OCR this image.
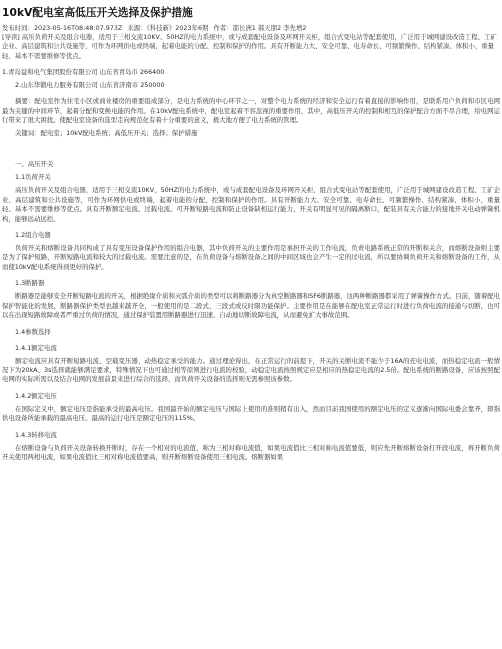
10kV配电室高低压开关选择及保护措施
发布时间：2023-05-16T08:48:07.973Z 来源：《科技新》2023年6期 作者：邵长洲1 郝天朋2 李先增2

[导读] 高压负荷开关及组合电器，适用于三相交流10KV、50HZ的电力系统中，或与成套配电设备及环网开关柜，组合式变电站等配套使用，广泛用于城网建设改造工程、工矿企业、高层建筑和公共设施等，可作为环网供电或终端，起着电能的分配、控制和保护的作用。具有开断能力大、安全可靠、电寿命长、可频繁操作、结构紧凑、体积小、重量轻、基本不需要维修等优点。

1.青岛益和电气集团股份有限公司 山东省青岛市 266400

2.山东华锻电力服务有限公司 山东省济南市 250000

摘要：配电室作为住宅小区或商业楼房的重要组成部分，是电力系统的中心环节之一，对整个电力系统的经济和安全运行有着直接的影响作用，是联系用户负荷和市区电网最为关键的中间环节，起着分配和变换电能的作用。在10kV配电系统中，配电室起着不容忽视的重要作用，其中，高低压开关的控制和相互的保护配合方面不尽合理，给电网运行带来了很大困扰。使配电室设备的选型走向规范化有着十分重要的意义，极大地方便了电力系统的管理。

关键词：配电室；10kV配电系统；高低压开关；选择；保护措施

一、高压开关

1.1负荷开关

高压负荷开关及组合电器，适用于三相交流10KV、50HZ的电力系统中，或与成套配电设备及环网开关柜，组合式变电站等配套使用，广泛用于城网建设改造工程、工矿企业、高层建筑和公共设施等，可作为环网供电或终端，起着电能的分配、控制和保护的作用。具有开断能力大、安全可靠、电寿命长、可频繁操作、结构紧凑、体积小、重量轻、基本不需要维修等优点。具有开断额定电流、过载电流。可开断短路电流和防止设备缺相运行能力，开关有明显可见的隔离断口，配装具有关合能力的接地开关电动弹簧机构，能够远动远控。

1.2组合电器

负荷开关和熔断设备共同构成了具有变压设备保护作用的组合电器，其中负荷开关的主要作用是承担开关的工作电流，负责电路系统正常的开断和关合，而熔断设备则主要是为了保护短路，开断短路电流和较大的过载电流。需要注意的是，在负荷设备与熔断设备之间的中间区域也会产生一定的过电流，所以要协调负荷开关和熔断设备的工作，从而使10kV配电系统得到更好的保护。

1.3断路器

断路器是能够安全开断短路电流的开关，根据绝缘介质和灭弧介质的类型可以将断路器分为真空断路器和SF6断路器，这两种断路器都采用了弹簧操作方式。目前，随着配电保护智能化的发展，断路器保护类型也越来越齐全，一般使用的是二段式、三段式或反时限功能保护。主要作用是在能够在配电室正常运行时进行负荷电流的接通与切断，也可以在出现短路故障或者严重过负荷的情况，通过保护装置用断路器进行迅速、自动地切断故障电流，从而避免扩大事故范围。

1.4参数选择

1.4.1额定电流

额定电流应具有开断短路电流、空载变压器、动热稳定承受的能力。通过理论得出，在正常运行的前提下，开关的关断电流不能少于16A的充电电流，而热稳定电流一般情况下为20kA、3s选择就能够满足要求，特殊情况下也可通过相等原则进行电流的校验，动稳定电流按照规定应是相应的热稳定电流的2.5倍。配电系统的断路设备，应该按照配电网的实际所需以及结合电网的发展前景来进行综合的选择，而负荷开关设备的选择则无需参照该参数。

1.4.2额定电压

在国际定义中，额定电压是指能承受的最高电压。我国最开始的额定电压与国际上使用的准则稍有出入，然而目前我国使用的额定电压的定义逐渐向国际电委会靠齐，即指供电设备所能承载的最高电压。最高的运行电压是额定电压的115%。

1.4.3转移电流

在熔断设备与负荷开关设备转换开断时，存在一个相对的电流值，称为三相对称电流值，如果电流值比三相对称电流值要低，则应先开断熔断设备打开段电流，再开断负荷开关使用两相电流，如果电流值比三相对称电流值要高，则开断熔断设备使用三相电流。熔断器如果
